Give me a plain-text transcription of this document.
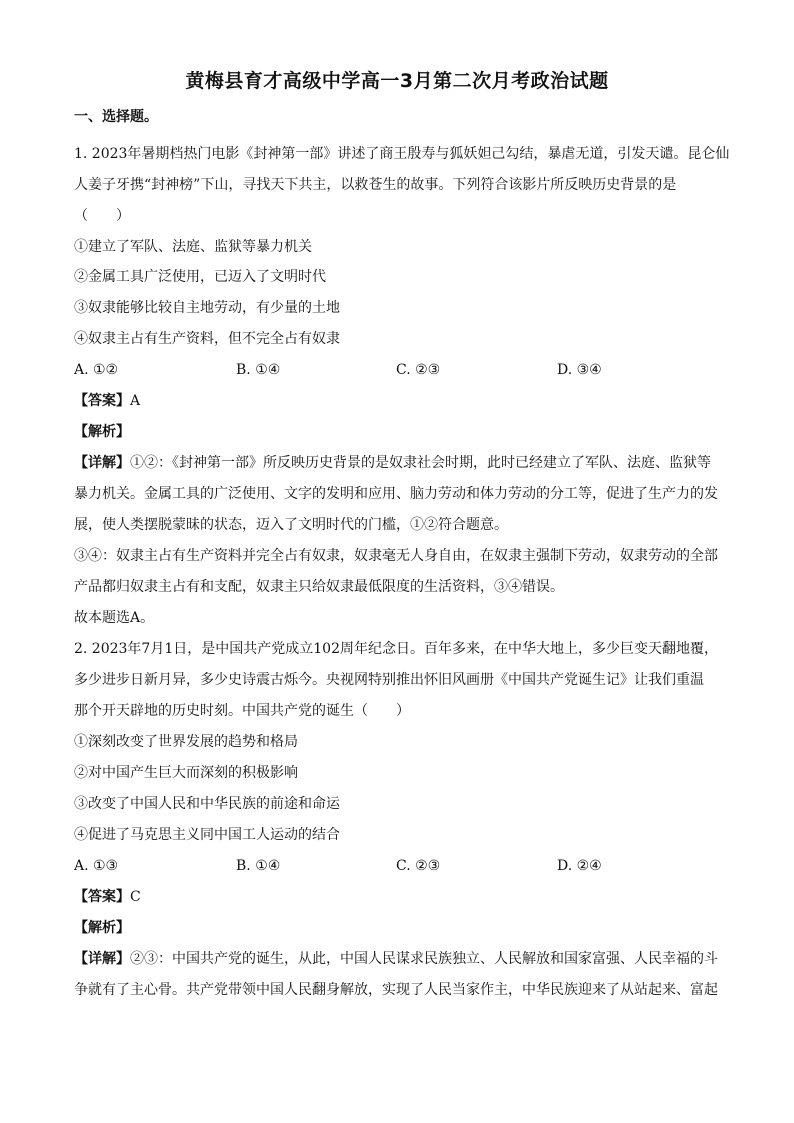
黄梅县育才高级中学高一3月第二次月考政治试题
一、选择题。
1. 2023年暑期档热门电影《封神第一部》讲述了商王殷寿与狐妖妲己勾结，暴虐无道，引发天谴。昆仑仙
人姜子牙携“封神榜”下山，寻找天下共主，以救苍生的故事。下列符合该影片所反映历史背景的是
（　　）
①建立了军队、法庭、监狱等暴力机关
②金属工具广泛使用，已迈入了文明时代
③奴隶能够比较自主地劳动，有少量的土地
④奴隶主占有生产资料，但不完全占有奴隶
A. ①②	B. ①④	C. ②③	D. ③④
【答案】A
【解析】
【详解】①②：《封神第一部》所反映历史背景的是奴隶社会时期，此时已经建立了军队、法庭、监狱等
暴力机关。金属工具的广泛使用、文字的发明和应用、脑力劳动和体力劳动的分工等，促进了生产力的发
展，使人类摆脱蒙昧的状态，迈入了文明时代的门槛，①②符合题意。
③④：奴隶主占有生产资料并完全占有奴隶，奴隶毫无人身自由，在奴隶主强制下劳动，奴隶劳动的全部
产品都归奴隶主占有和支配，奴隶主只给奴隶最低限度的生活资料，③④错误。
故本题选A。
2. 2023年7月1日，是中国共产党成立102周年纪念日。百年多来，在中华大地上，多少巨变天翻地覆，
多少进步日新月异，多少史诗震古烁今。央视网特别推出怀旧风画册《中国共产党诞生记》让我们重温
那个开天辟地的历史时刻。中国共产党的诞生（　　）
①深刻改变了世界发展的趋势和格局
②对中国产生巨大而深刻的积极影响
③改变了中国人民和中华民族的前途和命运
④促进了马克思主义同中国工人运动的结合
A. ①③	B. ①④	C. ②③	D. ②④
【答案】C
【解析】
【详解】②③：中国共产党的诞生，从此，中国人民谋求民族独立、人民解放和国家富强、人民幸福的斗
争就有了主心骨。共产党带领中国人民翻身解放，实现了人民当家作主，中华民族迎来了从站起来、富起
